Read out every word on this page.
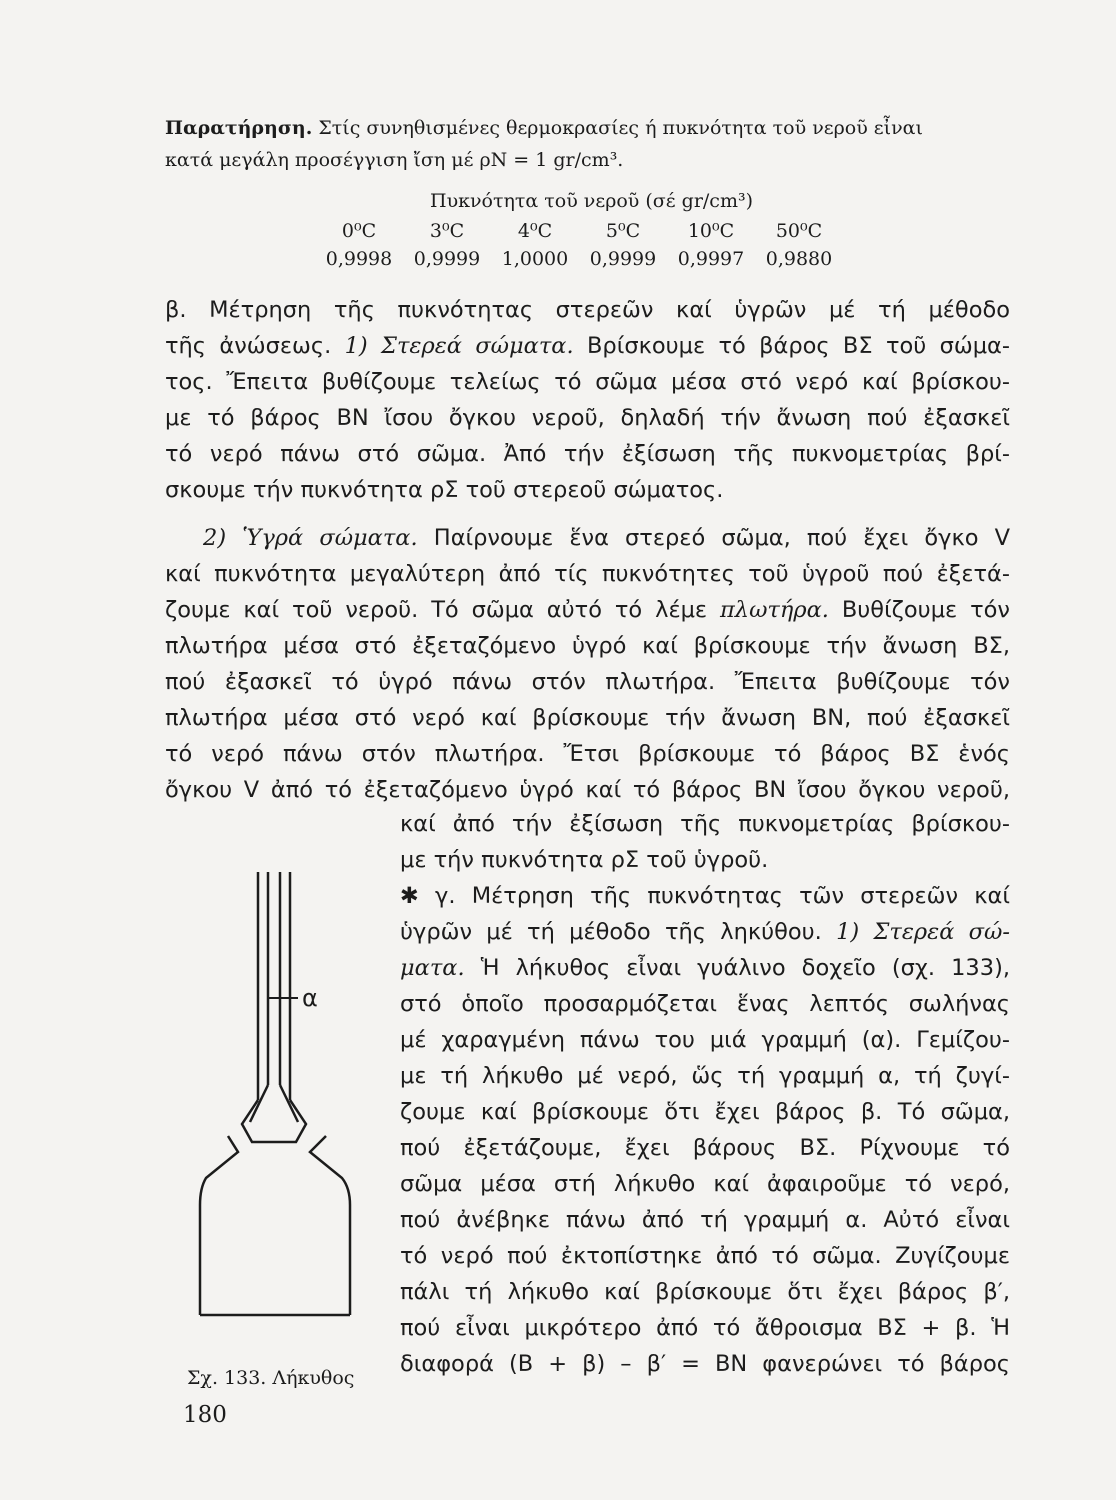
Παρατήρηση. Στίς συνηθισμένες θερμοκρασίες ή πυκνότητα τοῦ νεροῦ εἶναι
κατά μεγάλη προσέγγιση ἴση μέ ρN = 1 gr/cm³.
Πυκνότητα τοῦ νεροῦ (σέ gr/cm³)
0⁰C	3⁰C	4⁰C	5⁰C	10⁰C	50⁰C
0,9998	0,9999	1,0000	0,9999	0,9997	0,9880
β. Μέτρηση τῆς πυκνότητας στερεῶν καί ὑγρῶν μέ τή μέθοδο
τῆς ἀνώσεως. 1) Στερεά σώματα. Βρίσκουμε τό βάρος ΒΣ τοῦ σώμα-
τος. Ἔπειτα βυθίζουμε τελείως τό σῶμα μέσα στό νερό καί βρίσκου-
με τό βάρος ΒN ἴσου ὄγκου νεροῦ, δηλαδή τήν ἄνωση πού ἐξασκεῖ
τό νερό πάνω στό σῶμα. Ἀπό τήν ἐξίσωση τῆς πυκνομετρίας βρί-
σκουμε τήν πυκνότητα ρΣ τοῦ στερεοῦ σώματος.
2) Ὑγρά σώματα. Παίρνουμε ἕνα στερεό σῶμα, πού ἔχει ὄγκο V
καί πυκνότητα μεγαλύτερη ἀπό τίς πυκνότητες τοῦ ὑγροῦ πού ἐξετά-
ζουμε καί τοῦ νεροῦ. Τό σῶμα αὐτό τό λέμε πλωτήρα. Βυθίζουμε τόν
πλωτήρα μέσα στό ἐξεταζόμενο ὑγρό καί βρίσκουμε τήν ἄνωση ΒΣ,
πού ἐξασκεῖ τό ὑγρό πάνω στόν πλωτήρα. Ἔπειτα βυθίζουμε τόν
πλωτήρα μέσα στό νερό καί βρίσκουμε τήν ἄνωση ΒN, πού ἐξασκεῖ
τό νερό πάνω στόν πλωτήρα. Ἔτσι βρίσκουμε τό βάρος ΒΣ ἑνός
ὄγκου V ἀπό τό ἐξεταζόμενο ὑγρό καί τό βάρος ΒN ἴσου ὄγκου νεροῦ,
καί ἀπό τήν ἐξίσωση τῆς πυκνομετρίας βρίσκου-
με τήν πυκνότητα ρΣ τοῦ ὑγροῦ.
✱ γ. Μέτρηση τῆς πυκνότητας τῶν στερεῶν καί
ὑγρῶν μέ τή μέθοδο τῆς ληκύθου. 1) Στερεά σώ-
ματα. Ἡ λήκυθος εἶναι γυάλινο δοχεῖο (σχ. 133),
στό ὁποῖο προσαρμόζεται ἕνας λεπτός σωλήνας
μέ χαραγμένη πάνω του μιά γραμμή (α). Γεμίζου-
με τή λήκυθο μέ νερό, ὥς τή γραμμή α, τή ζυγί-
ζουμε καί βρίσκουμε ὅτι ἔχει βάρος β. Τό σῶμα,
πού ἐξετάζουμε, ἔχει βάρους ΒΣ. Ρίχνουμε τό
σῶμα μέσα στή λήκυθο καί ἀφαιροῦμε τό νερό,
πού ἀνέβηκε πάνω ἀπό τή γραμμή α. Αὐτό εἶναι
τό νερό πού ἐκτοπίστηκε ἀπό τό σῶμα. Ζυγίζουμε
πάλι τή λήκυθο καί βρίσκουμε ὅτι ἔχει βάρος β′,
πού εἶναι μικρότερο ἀπό τό ἄθροισμα ΒΣ + β. Ἡ
διαφορά (Β + β) – β′ = ΒN φανερώνει τό βάρος
α
Σχ. 133. Λήκυθος
180
